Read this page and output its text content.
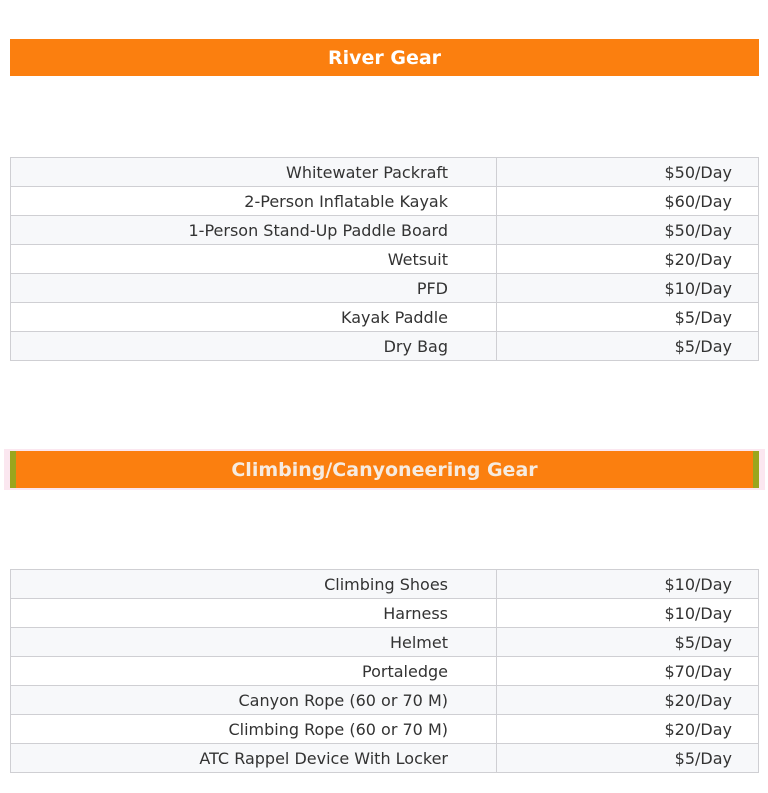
River Gear
Whitewater Packraft	$50/Day
2-Person Inflatable Kayak	$60/Day
1-Person Stand-Up Paddle Board	$50/Day
Wetsuit	$20/Day
PFD	$10/Day
Kayak Paddle	$5/Day
Dry Bag	$5/Day
Climbing/Canyoneering Gear
Climbing Shoes	$10/Day
Harness	$10/Day
Helmet	$5/Day
Portaledge	$70/Day
Canyon Rope (60 or 70 M)	$20/Day
Climbing Rope (60 or 70 M)	$20/Day
ATC Rappel Device With Locker	$5/Day
